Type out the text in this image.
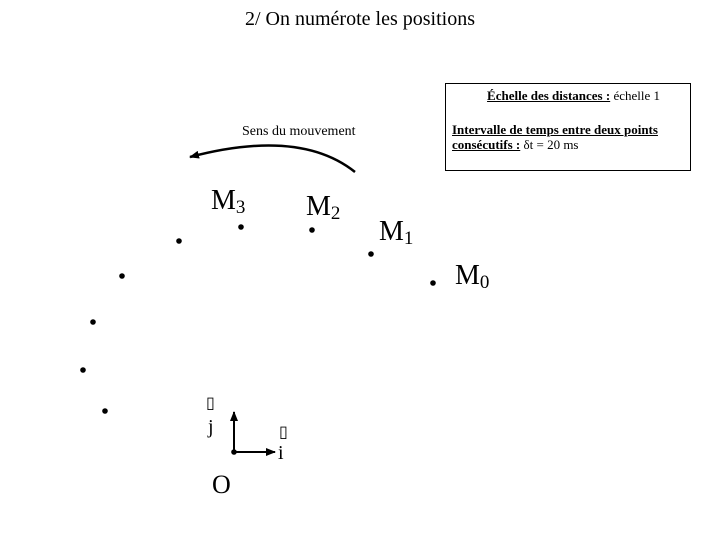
2/ On numérote les positions
Échelle des distances : échelle 1
Intervalle de temps entre deux points
consécutifs : δt = 20 ms
Sens du mouvement
$M_0$
$M_1$
$M_2$
$M_3$
▯
j	▯
i
O
